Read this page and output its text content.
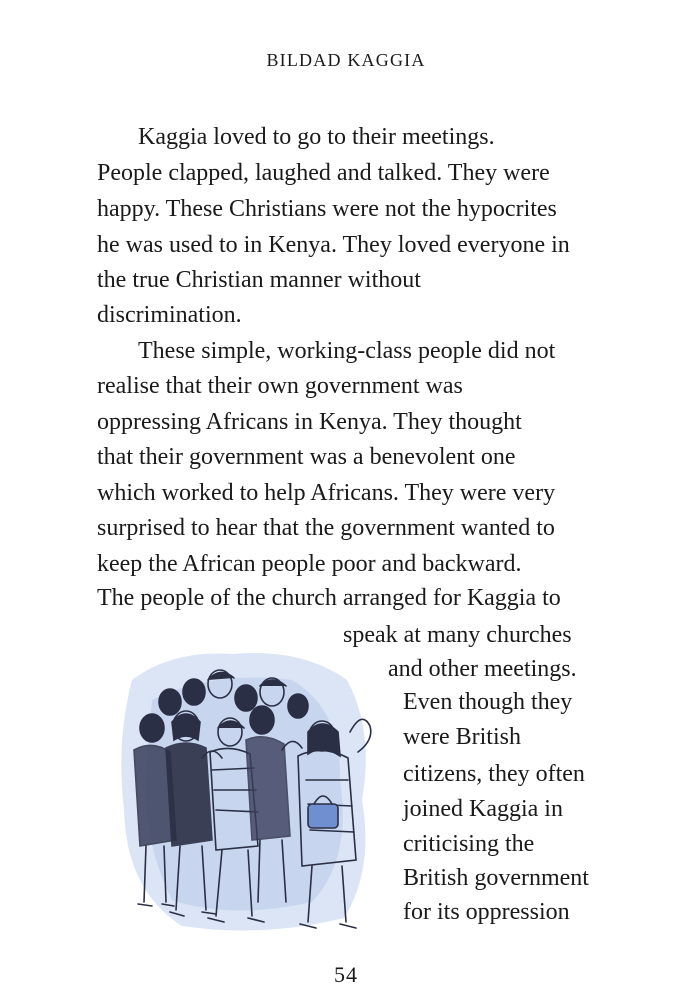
BILDAD KAGGIA
Kaggia loved to go to their meetings.
People clapped, laughed and talked. They were
happy. These Christians were not the hypocrites
he was used to in Kenya. They loved everyone in
the true Christian manner without
discrimination.
These simple, working-class people did not
realise that their own government was
oppressing Africans in Kenya. They thought
that their government was a benevolent one
which worked to help Africans. They were very
surprised to hear that the government wanted to
keep the African people poor and backward.
The people of the church arranged for Kaggia to
speak at many churches
and other meetings.
Even though they
were British
citizens, they often
joined Kaggia in
criticising the
British government
for its oppression
54
